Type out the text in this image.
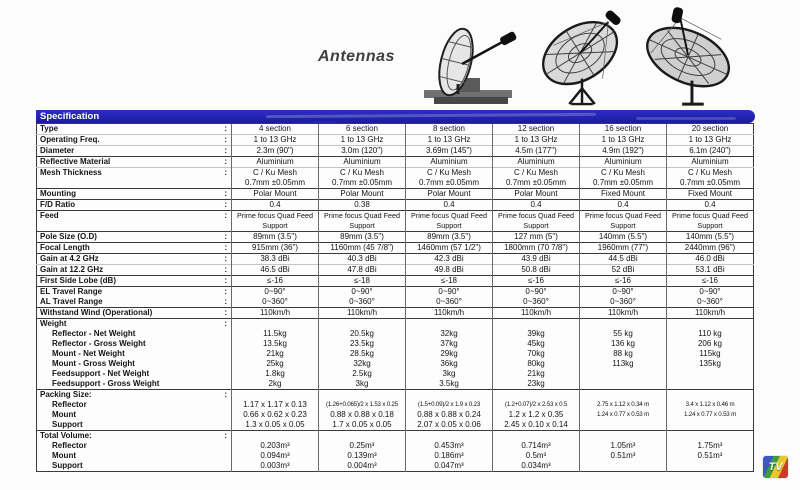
Antennas
Specification
Type :	4 section	6 section	8 section	12 section	16 section	20 section
Operating Freq. :	1 to 13 GHz	1 to 13 GHz	1 to 13 GHz	1 to 13 GHz	1 to 13 GHz	1 to 13 GHz
Diameter :	2.3m (90")	3.0m (120")	3.69m (145")	4.5m (177")	4.9m (192")	6.1m (240")
Reflective Material :	Aluminium	Aluminium	Aluminium	Aluminium	Aluminium	Aluminium
Mesh Thickness :	C / Ku Mesh	C / Ku Mesh	C / Ku Mesh	C / Ku Mesh	C / Ku Mesh	C / Ku Mesh
	0.7mm ±0.05mm	0.7mm ±0.05mm	0.7mm ±0.05mm	0.7mm ±0.05mm	0.7mm ±0.05mm	0.7mm ±0.05mm
Mounting :	Polar Mount	Polar Mount	Polar Mount	Polar Mount	Fixed Mount	Fixed Mount
F/D Ratio :	0.4	0.38	0.4	0.4	0.4	0.4
Feed :	Prime focus Quad Feed Support	Prime focus Quad Feed Support	Prime focus Quad Feed Support	Prime focus Quad Feed Support	Prime focus Quad Feed Support	Prime focus Quad Feed Support
Pole Size (O.D) :	89mm (3.5")	89mm (3.5")	89mm (3.5")	127 mm (5")	140mm (5.5")	140mm (5.5")
Focal Length :	915mm (36")	1160mm (45 7/8")	1460mm (57 1/2")	1800mm (70 7/8")	1960mm (77")	2440mm (96")
Gain at 4.2 GHz :	38.3 dBi	40.3 dBi	42.3 dBi	43.9 dBi	44.5 dBi	46.0 dBi
Gain at 12.2 GHz :	46.5 dBi	47.8 dBi	49.8 dBi	50.8 dBi	52 dBi	53.1 dBi
First Side Lobe (dB) :	≤-16	≤-18	≤-18	≤-16	≤-16	≤-16
EL Travel Range :	0~90°	0~90°	0~90°	0~90°	0~90°	0~90°
AL Travel Range :	0~360°	0~360°	0~360°	0~360°	0~360°	0~360°
Withstand Wind (Operational) :	110km/h	110km/h	110km/h	110km/h	110km/h	110km/h
Weight :						

Reflector - Net Weight	11.5kg	20.5kg	32kg	39kg	55 kg	110 kg
Reflector - Gross Weight	13.5kg	23.5kg	37kg	45kg	136 kg	206 kg
Mount - Net Weight	21kg	28.5kg	29kg	70kg	88 kg	115kg
Mount - Gross Weight	25kg	32kg	36kg	80kg	113kg	135kg
Feedsupport - Net Weight	1.8kg	2.5kg	3kg	21kg		
Feedsupport - Gross Weight	2kg	3kg	3.5kg	23kg		
Packing Size: :						

Reflector	1.17 x 1.17 x 0.13	(1.26+0.065)/2 x 1.53 x 0.25	(1.5+0.09)/2 x 1.9 x 0.23	(1.2+0.07)/2 x 2.53 x 0.5	2.75 x 1.12 x 0.34 m	3.4 x 1.12 x 0.46 m
Mount	0.66 x 0.62 x 0.23	0.88 x 0.88 x 0.18	0.88 x 0.88 x 0.24	1.2 x 1.2 x 0.35	1.24 x 0.77 x 0.53 m	1.24 x 0.77 x 0.53 m
Support	1.3 x 0.05 x 0.05	1.7 x 0.05 x 0.05	2.07 x 0.05 x 0.06	2.45 x 0.10 x 0.14		
Total Volume: :						

Reflector	0.203m³	0.25m³	0.453m³	0.714m³	1.05m³	1.75m³
Mount	0.094m³	0.139m³	0.186m³	0.5m³	0.51m³	0.51m³
Support	0.003m³	0.004m³	0.047m³	0.034m³			TV
